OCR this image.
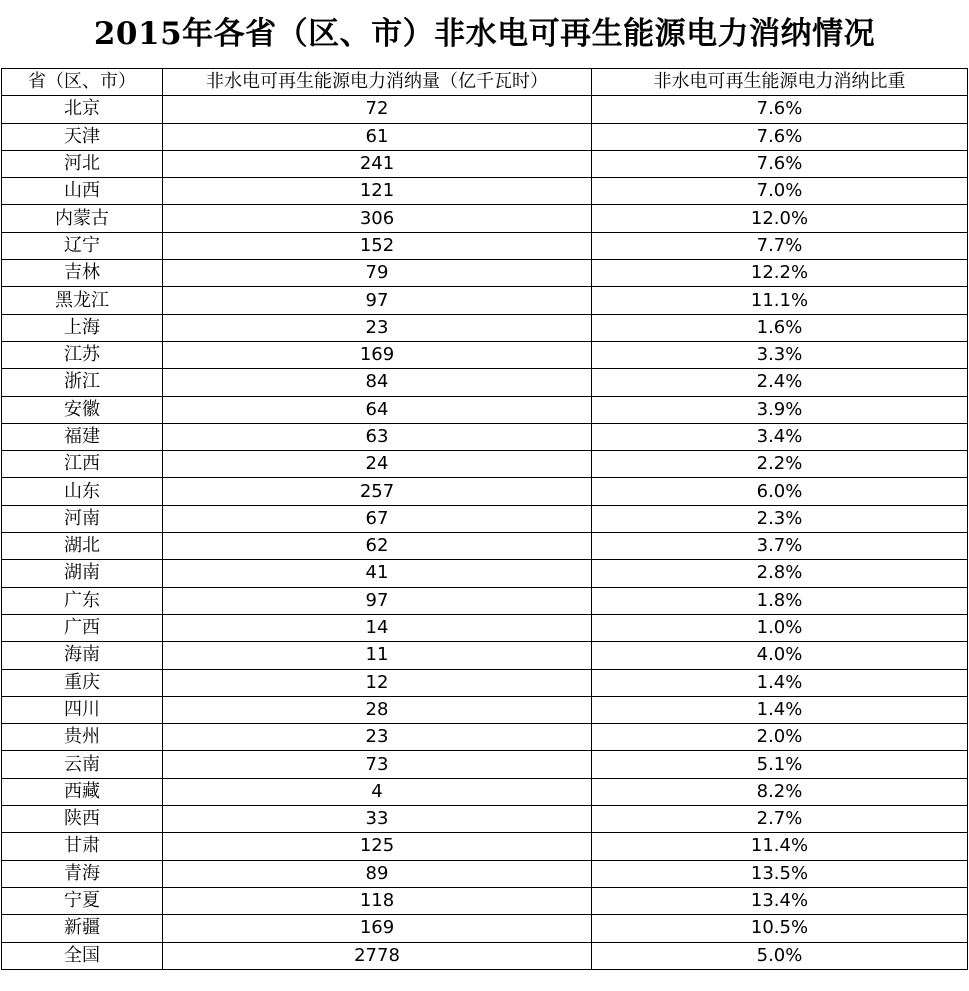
2015年各省（区、市）非水电可再生能源电力消纳情况
省（区、市）	非水电可再生能源电力消纳量（亿千瓦时）	非水电可再生能源电力消纳比重
北京	72	7.6%
天津	61	7.6%
河北	241	7.6%
山西	121	7.0%
内蒙古	306	12.0%
辽宁	152	7.7%
吉林	79	12.2%
黑龙江	97	11.1%
上海	23	1.6%
江苏	169	3.3%
浙江	84	2.4%
安徽	64	3.9%
福建	63	3.4%
江西	24	2.2%
山东	257	6.0%
河南	67	2.3%
湖北	62	3.7%
湖南	41	2.8%
广东	97	1.8%
广西	14	1.0%
海南	11	4.0%
重庆	12	1.4%
四川	28	1.4%
贵州	23	2.0%
云南	73	5.1%
西藏	4	8.2%
陕西	33	2.7%
甘肃	125	11.4%
青海	89	13.5%
宁夏	118	13.4%
新疆	169	10.5%
全国	2778	5.0%
